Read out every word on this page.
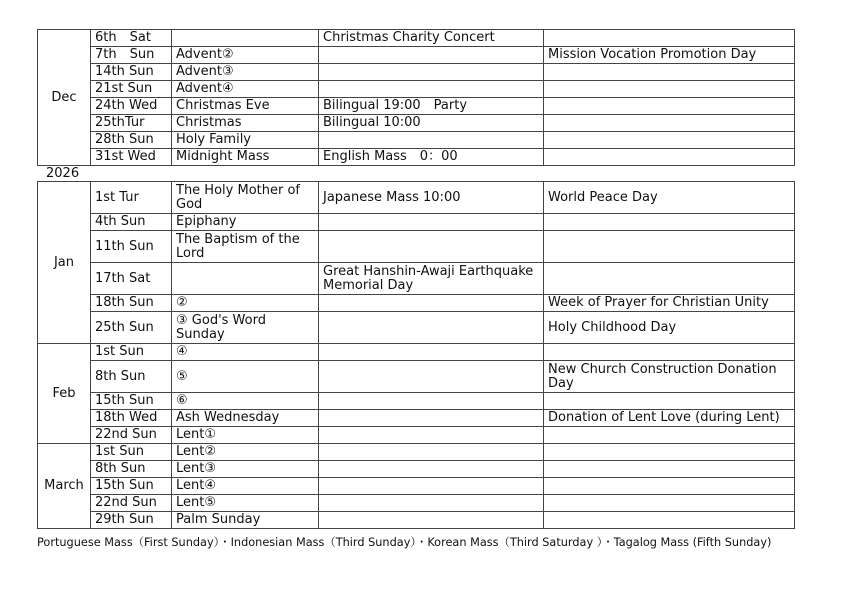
Dec	6th　Sat		Christmas Charity Concert	
	7th　Sun	Advent②		Mission Vocation Promotion Day
	14th Sun	Advent③		
	21st Sun	Advent④		
	24th Wed	Christmas Eve	Bilingual 19:00　Party	
	25thTur	Christmas	Bilingual 10:00	
	28th Sun	Holy Family		
	31st Wed	Midnight Mass	English Mass　0：00	
2026
Jan	1st Tur	The Holy Mother of God	Japanese Mass 10:00	World Peace Day
	4th Sun	Epiphany		
	11th Sun	The Baptism of the Lord		
	17th Sat		Great Hanshin-Awaji Earthquake Memorial Day	
	18th Sun	②		Week of Prayer for Christian Unity
	25th Sun	③ God's Word Sunday		Holy Childhood Day
Feb	1st Sun	④		
	8th Sun	⑤		New Church Construction Donation Day
	15th Sun	⑥		
	18th Wed	Ash Wednesday		Donation of Lent Love (during Lent)
	22nd Sun	Lent①		
March	1st Sun	Lent②		
	8th Sun	Lent③		
	15th Sun	Lent④		
	22nd Sun	Lent⑤		
	29th Sun	Palm Sunday		
Portuguese Mass（First Sunday）・Indonesian Mass（Third Sunday）・Korean Mass（Third Saturday ）・Tagalog Mass (Fifth Sunday)
